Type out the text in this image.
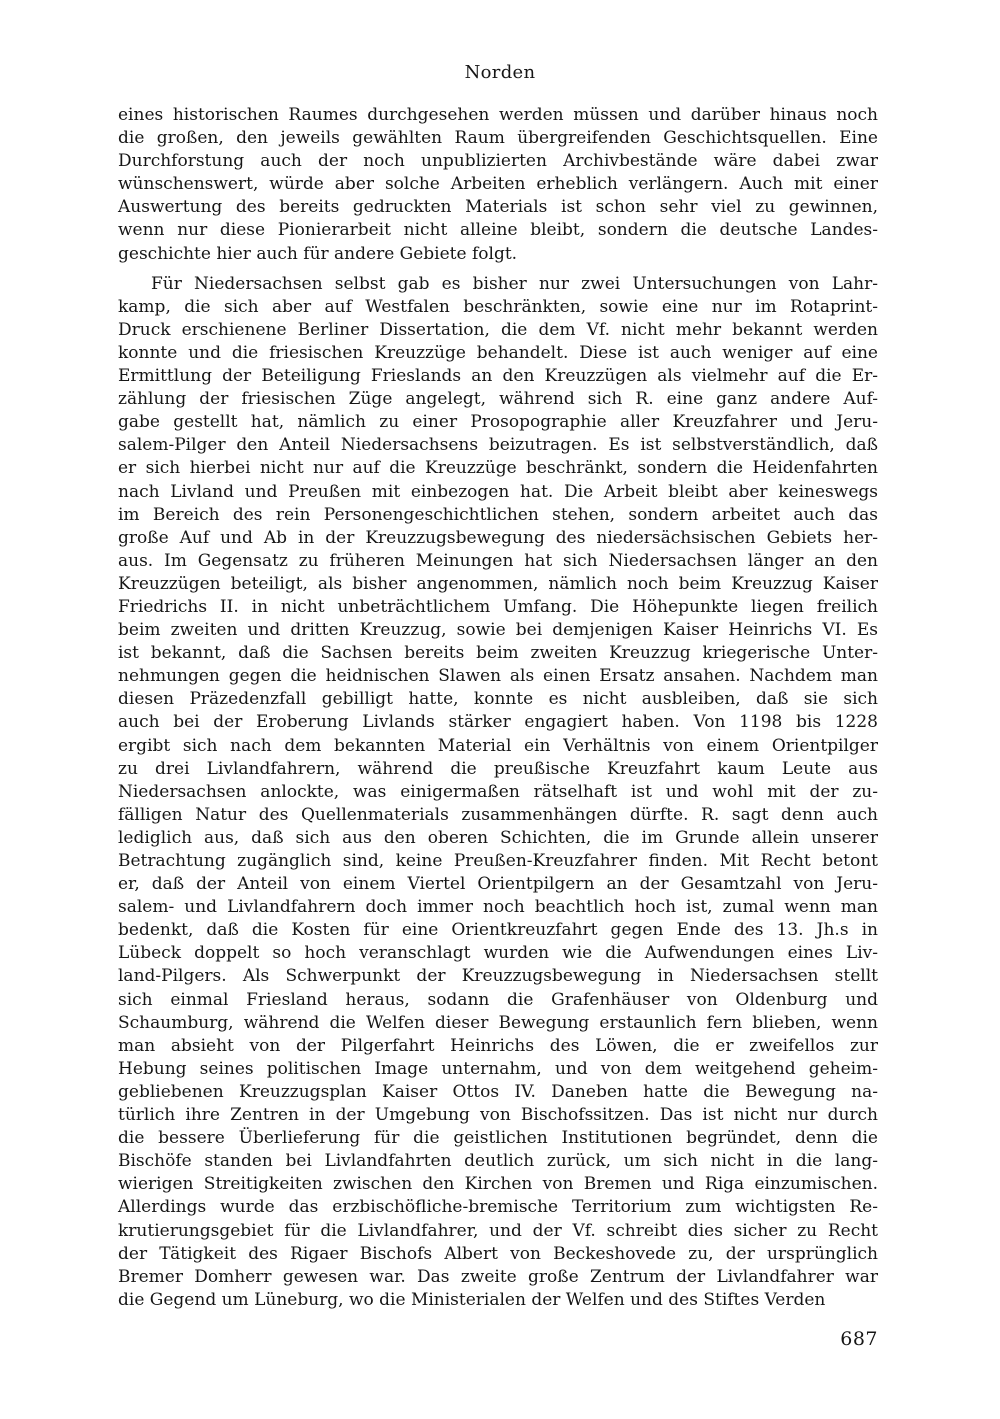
Norden

eines historischen Raumes durchgesehen werden müssen und darüber hinaus noch
die großen, den jeweils gewählten Raum übergreifenden Geschichtsquellen. Eine
Durchforstung auch der noch unpublizierten Archivbestände wäre dabei zwar
wünschenswert, würde aber solche Arbeiten erheblich verlängern. Auch mit einer
Auswertung des bereits gedruckten Materials ist schon sehr viel zu gewinnen,
wenn nur diese Pionierarbeit nicht alleine bleibt, sondern die deutsche Landes-
geschichte hier auch für andere Gebiete folgt.

Für Niedersachsen selbst gab es bisher nur zwei Untersuchungen von Lahr-
kamp, die sich aber auf Westfalen beschränkten, sowie eine nur im Rotaprint-
Druck erschienene Berliner Dissertation, die dem Vf. nicht mehr bekannt werden
konnte und die friesischen Kreuzzüge behandelt. Diese ist auch weniger auf eine
Ermittlung der Beteiligung Frieslands an den Kreuzzügen als vielmehr auf die Er-
zählung der friesischen Züge angelegt, während sich R. eine ganz andere Auf-
gabe gestellt hat, nämlich zu einer Prosopographie aller Kreuzfahrer und Jeru-
salem-Pilger den Anteil Niedersachsens beizutragen. Es ist selbstverständlich, daß
er sich hierbei nicht nur auf die Kreuzzüge beschränkt, sondern die Heidenfahrten
nach Livland und Preußen mit einbezogen hat. Die Arbeit bleibt aber keineswegs
im Bereich des rein Personengeschichtlichen stehen, sondern arbeitet auch das
große Auf und Ab in der Kreuzzugsbewegung des niedersächsischen Gebiets her-
aus. Im Gegensatz zu früheren Meinungen hat sich Niedersachsen länger an den
Kreuzzügen beteiligt, als bisher angenommen, nämlich noch beim Kreuzzug Kaiser
Friedrichs II. in nicht unbeträchtlichem Umfang. Die Höhepunkte liegen freilich
beim zweiten und dritten Kreuzzug, sowie bei demjenigen Kaiser Heinrichs VI. Es
ist bekannt, daß die Sachsen bereits beim zweiten Kreuzzug kriegerische Unter-
nehmungen gegen die heidnischen Slawen als einen Ersatz ansahen. Nachdem man
diesen Präzedenzfall gebilligt hatte, konnte es nicht ausbleiben, daß sie sich
auch bei der Eroberung Livlands stärker engagiert haben. Von 1198 bis 1228
ergibt sich nach dem bekannten Material ein Verhältnis von einem Orientpilger
zu drei Livlandfahrern, während die preußische Kreuzfahrt kaum Leute aus
Niedersachsen anlockte, was einigermaßen rätselhaft ist und wohl mit der zu-
fälligen Natur des Quellenmaterials zusammenhängen dürfte. R. sagt denn auch
lediglich aus, daß sich aus den oberen Schichten, die im Grunde allein unserer
Betrachtung zugänglich sind, keine Preußen-Kreuzfahrer finden. Mit Recht betont
er, daß der Anteil von einem Viertel Orientpilgern an der Gesamtzahl von Jeru-
salem- und Livlandfahrern doch immer noch beachtlich hoch ist, zumal wenn man
bedenkt, daß die Kosten für eine Orientkreuzfahrt gegen Ende des 13. Jh.s in
Lübeck doppelt so hoch veranschlagt wurden wie die Aufwendungen eines Liv-
land-Pilgers. Als Schwerpunkt der Kreuzzugsbewegung in Niedersachsen stellt
sich einmal Friesland heraus, sodann die Grafenhäuser von Oldenburg und
Schaumburg, während die Welfen dieser Bewegung erstaunlich fern blieben, wenn
man absieht von der Pilgerfahrt Heinrichs des Löwen, die er zweifellos zur
Hebung seines politischen Image unternahm, und von dem weitgehend geheim-
gebliebenen Kreuzzugsplan Kaiser Ottos IV. Daneben hatte die Bewegung na-
türlich ihre Zentren in der Umgebung von Bischofssitzen. Das ist nicht nur durch
die bessere Überlieferung für die geistlichen Institutionen begründet, denn die
Bischöfe standen bei Livlandfahrten deutlich zurück, um sich nicht in die lang-
wierigen Streitigkeiten zwischen den Kirchen von Bremen und Riga einzumischen.
Allerdings wurde das erzbischöfliche-bremische Territorium zum wichtigsten Re-
krutierungsgebiet für die Livlandfahrer, und der Vf. schreibt dies sicher zu Recht
der Tätigkeit des Rigaer Bischofs Albert von Beckeshovede zu, der ursprünglich
Bremer Domherr gewesen war. Das zweite große Zentrum der Livlandfahrer war
die Gegend um Lüneburg, wo die Ministerialen der Welfen und des Stiftes Verden

687
